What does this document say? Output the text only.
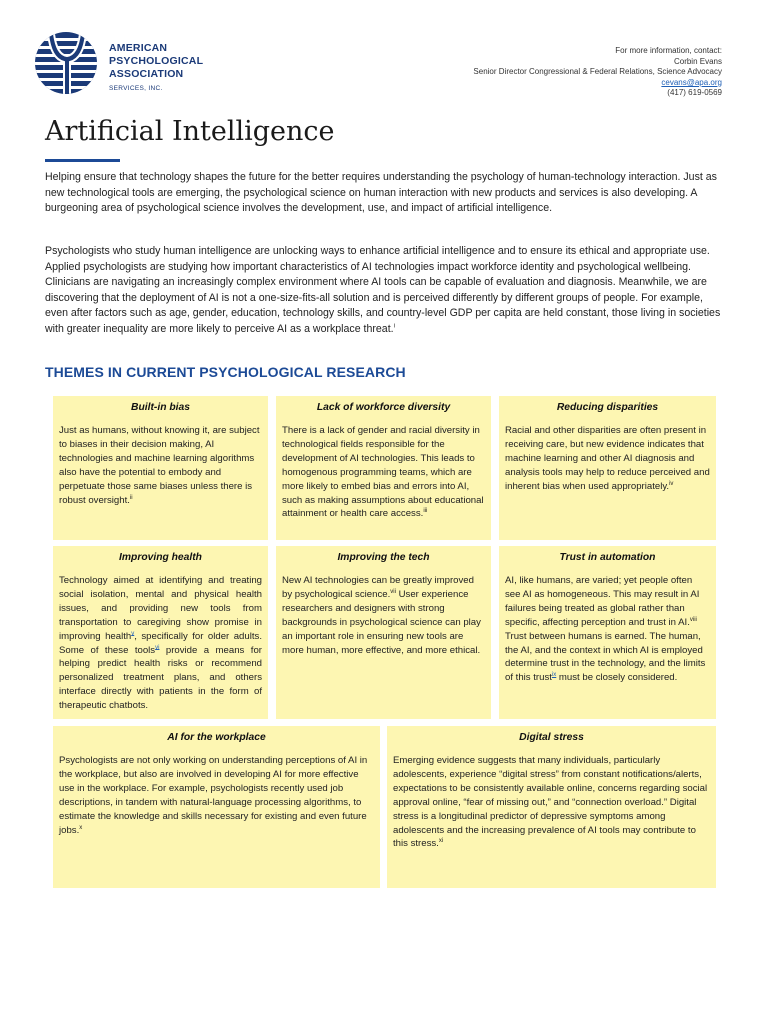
AMERICAN
PSYCHOLOGICAL
ASSOCIATION
SERVICES, INC.
For more information, contact:
Corbin Evans
Senior Director Congressional & Federal Relations, Science Advocacy
cevans@apa.org
(417) 619-0569
Artificial Intelligence

Helping ensure that technology shapes the future for the better requires understanding the psychology of human-technology interaction. Just as new technological tools are emerging, the psychological science on human interaction with new products and services is also developing. A burgeoning area of psychological science involves the development, use, and impact of artificial intelligence.

Psychologists who study human intelligence are unlocking ways to enhance artificial intelligence and to ensure its ethical and appropriate use. Applied psychologists are studying how important characteristics of AI technologies impact workforce identity and psychological wellbeing. Clinicians are navigating an increasingly complex environment where AI tools can be capable of evaluation and diagnosis. Meanwhile, we are discovering that the deployment of AI is not a one-size-fits-all solution and is perceived differently by different groups of people. For example, even after factors such as age, gender, education, technology skills, and country-level GDP per capita are held constant, those living in societies with greater inequality are more likely to perceive AI as a workplace threat.$^i$

THEMES IN CURRENT PSYCHOLOGICAL RESEARCH
Built-in bias

Just as humans, without knowing it, are subject to biases in their decision making, AI technologies and machine learning algorithms also have the potential to embody and perpetuate those same biases unless there is robust oversight.$^{ii}$

Lack of workforce diversity

There is a lack of gender and racial diversity in technological fields responsible for the development of AI technologies. This leads to homogenous programming teams, which are more likely to embed bias and errors into AI, such as making assumptions about educational attainment or health care access.$^{iii}$

Reducing disparities

Racial and other disparities are often present in receiving care, but new evidence indicates that machine learning and other AI diagnosis and analysis tools may help to reduce perceived and inherent bias when used appropriately.$^{iv}$

Improving health

Technology aimed at identifying and treating social isolation, mental and physical health issues, and providing new tools from transportation to caregiving show promise in improving health$^v$, specifically for older adults. Some of these tools$^{vi}$ provide a means for helping predict health risks or recommend personalized treatment plans, and others interface directly with patients in the form of therapeutic chatbots.

Improving the tech

New AI technologies can be greatly improved by psychological science.$^{vii}$ User experience researchers and designers with strong backgrounds in psychological science can play an important role in ensuring new tools are more human, more effective, and more ethical.

Trust in automation

AI, like humans, are varied; yet people often see AI as homogeneous. This may result in AI failures being treated as global rather than specific, affecting perception and trust in AI.$^{viii}$ Trust between humans is earned. The human, the AI, and the context in which AI is employed determine trust in the technology, and the limits of this trust$^{ix}$ must be closely considered.

AI for the workplace

Psychologists are not only working on understanding perceptions of AI in the workplace, but also are involved in developing AI for more effective use in the workplace. For example, psychologists recently used job descriptions, in tandem with natural-language processing algorithms, to estimate the knowledge and skills necessary for existing and even future jobs.$^x$

Digital stress

Emerging evidence suggests that many individuals, particularly adolescents, experience “digital stress” from constant notifications/alerts, expectations to be consistently available online, concerns regarding social approval online, “fear of missing out,” and “connection overload.” Digital stress is a longitudinal predictor of depressive symptoms among adolescents and the increasing prevalence of AI tools may contribute to this stress.$^{xi}$
